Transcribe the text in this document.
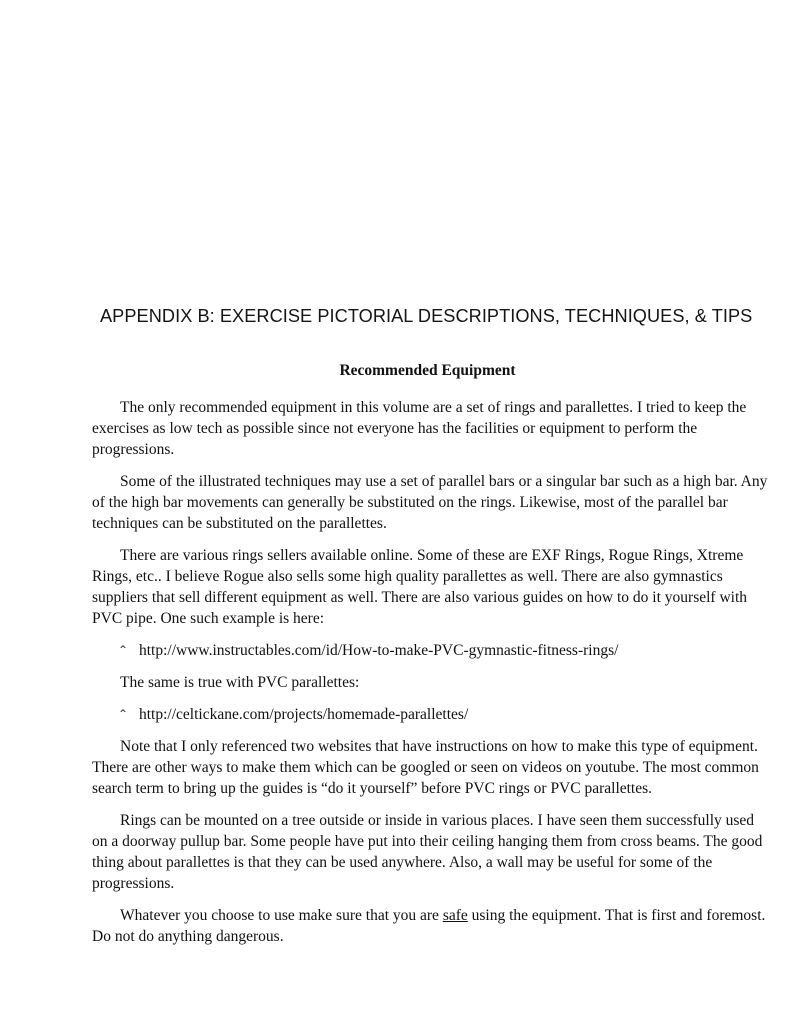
APPENDIX B: EXERCISE PICTORIAL DESCRIPTIONS, TECHNIQUES, & TIPS
Recommended Equipment

The only recommended equipment in this volume are a set of rings and parallettes. I tried to keep the exercises as low tech as possible since not everyone has the facilities or equipment to perform the progressions.

Some of the illustrated techniques may use a set of parallel bars or a singular bar such as a high bar. Any of the high bar movements can generally be substituted on the rings. Likewise, most of the parallel bar techniques can be substituted on the parallettes.

There are various rings sellers available online. Some of these are EXF Rings, Rogue Rings, Xtreme Rings, etc.. I believe Rogue also sells some high quality parallettes as well. There are also gymnastics suppliers that sell different equipment as well. There are also various guides on how to do it yourself with PVC pipe. One such example is here:

⌃ http://www.instructables.com/id/How-to-make-PVC-gymnastic-fitness-rings/

The same is true with PVC parallettes:

⌃ http://celtickane.com/projects/homemade-parallettes/

Note that I only referenced two websites that have instructions on how to make this type of equipment. There are other ways to make them which can be googled or seen on videos on youtube. The most common search term to bring up the guides is “do it yourself” before PVC rings or PVC parallettes.

Rings can be mounted on a tree outside or inside in various places. I have seen them successfully used on a doorway pullup bar. Some people have put into their ceiling hanging them from cross beams. The good thing about parallettes is that they can be used anywhere. Also, a wall may be useful for some of the progressions.

Whatever you choose to use make sure that you are safe using the equipment. That is first and foremost. Do not do anything dangerous.
